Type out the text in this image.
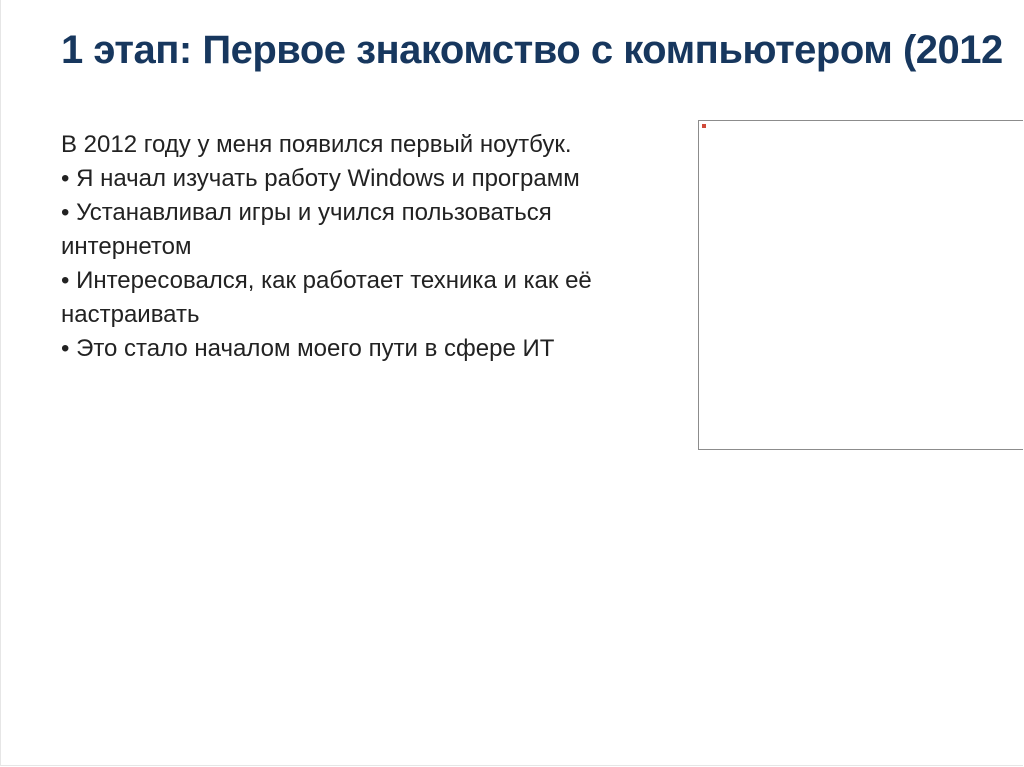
1 этап: Первое знакомство с компьютером (2012

В 2012 году у меня появился первый ноутбук.

• Я начал изучать работу Windows и программ

• Устанавливал игры и учился пользоваться интернетом

• Интересовался, как работает техника и как её настраивать

• Это стало началом моего пути в сфере ИТ
